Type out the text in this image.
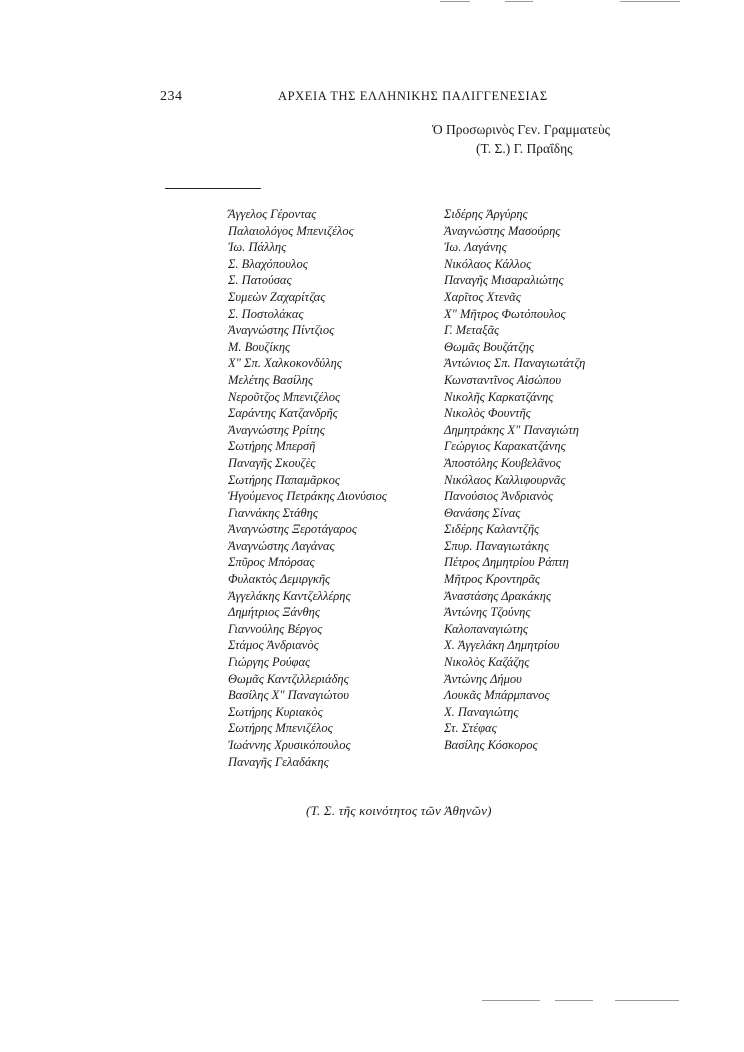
234	ΑΡΧΕΙΑ ΤΗΣ ΕΛΛΗΝΙΚΗΣ ΠΑΛΙΓΓΕΝΕΣΙΑΣ
Ὁ Προσωρινὸς Γεν. Γραμματεὺς
(Τ. Σ.) Γ. Πραΐδης
Ἄγγελος Γέροντας
Παλαιολόγος Μπενιζέλος
Ἰω. Πάλλης
Σ. Βλαχόπουλος
Σ. Πατούσας
Συμεὼν Ζαχαρίτζας
Σ. Ποστολάκας
Ἀναγνώστης Πίντζιος
Μ. Βουζίκης
Χ" Σπ. Χαλκοκονδύλης
Μελέτης Βασίλης
Νεροῦτζος Μπενιζέλος
Σαράντης Κατζανδρῆς
Ἀναγνώστης Ρρίτης
Σωτήρης Μπερσῆ
Παναγῆς Σκουζὲς
Σωτήρης Παπαμᾶρκος
Ἡγούμενος Πετράκης Διονύσιος
Γιαννάκης Στάθης
Ἀναγνώστης Ξεροτάγαρος
Ἀναγνώστης Λαγάνας
Σπῦρος Μπόρσας
Φυλακτὸς Δεμιργκῆς
Ἀγγελάκης Καντζελλέρης
Δημήτριος Ξάνθης
Γιαννούλης Βέργος
Στάμος Ἀνδριανὸς
Γιώργης Ρούφας
Θωμᾶς Καντζιλλεριάδης
Βασίλης Χ" Παναγιώτου
Σωτήρης Κυριακὸς
Σωτήρης Μπενιζέλος
Ἰωάννης Χρυσικόπουλος
Παναγῆς Γελαδάκης
Σιδέρης Ἀργύρης
Ἀναγνώστης Μασούρης
Ἰω. Λαγάνης
Νικόλαος Κάλλος
Παναγῆς Μισαραλιώτης
Χαρῖτος Χτενᾶς
Χ" Μῆτρος Φωτόπουλος
Γ. Μεταξᾶς
Θωμᾶς Βουζάτζης
Ἀντώνιος Σπ. Παναγιωτάτζη
Κωνσταντῖνος Αἰσώπου
Νικολῆς Καρκατζάνης
Νικολὸς Φουντῆς
Δημητράκης Χ" Παναγιώτη
Γεώργιος Καρακατζάνης
Ἀποστόλης Κουβελᾶνος
Νικόλαος Καλλιφουρνᾶς
Πανούσιος Ἀνδριανὸς
Θανάσης Σίνας
Σιδέρης Καλαντζῆς
Σπυρ. Παναγιωτάκης
Πέτρος Δημητρίου Ράπτη
Μῆτρος Κροντηρᾶς
Ἀναστάσης Δρακάκης
Ἀντώνης Τζούνης
Καλοπαναγιώτης
Χ. Ἀγγελάκη Δημητρίου
Νικολὸς Καζάζης
Ἀντώνης Δήμου
Λουκᾶς Μπάρμπανος
Χ. Παναγιώτης
Στ. Στέφας
Βασίλης Κόσκορος
(Τ. Σ. τῆς κοινότητος τῶν Ἀθηνῶν)
